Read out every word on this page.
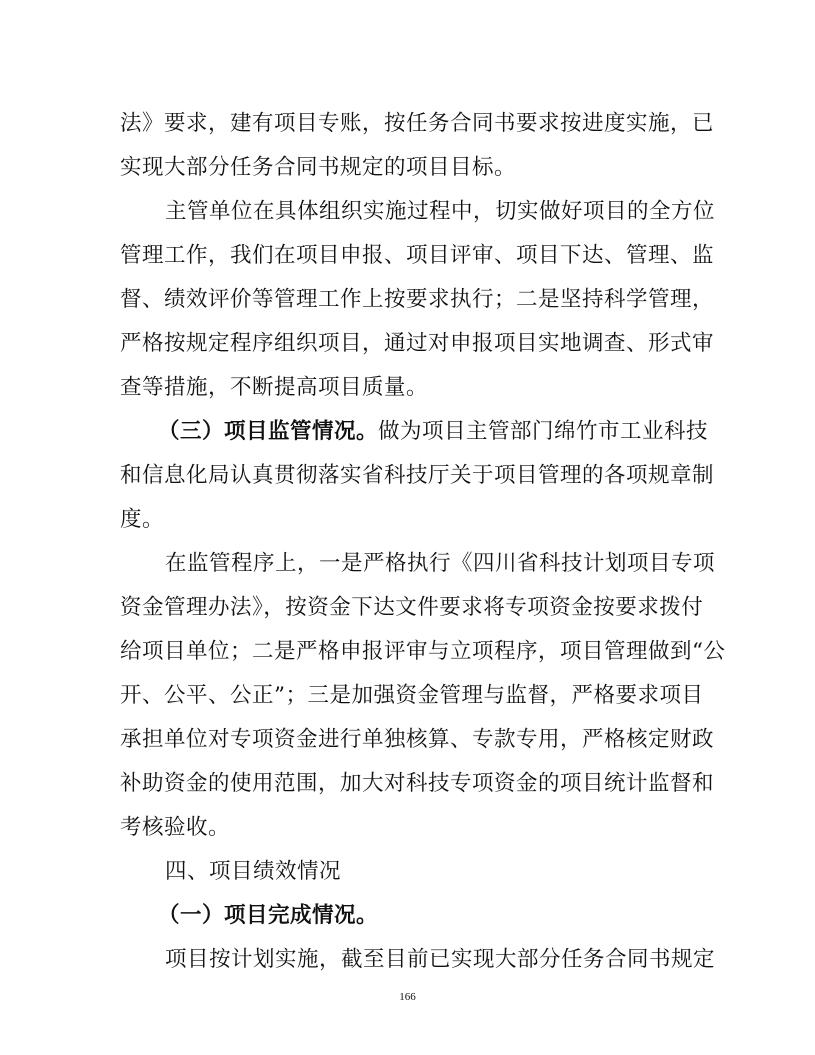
法》要求，建有项目专账，按任务合同书要求按进度实施，已
实现大部分任务合同书规定的项目目标。
主管单位在具体组织实施过程中，切实做好项目的全方位
管理工作，我们在项目申报、项目评审、项目下达、管理、监
督、绩效评价等管理工作上按要求执行；二是坚持科学管理，
严格按规定程序组织项目，通过对申报项目实地调查、形式审
查等措施，不断提高项目质量。
（三）项目监管情况。做为项目主管部门绵竹市工业科技
和信息化局认真贯彻落实省科技厅关于项目管理的各项规章制
度。
在监管程序上，一是严格执行《四川省科技计划项目专项
资金管理办法》，按资金下达文件要求将专项资金按要求拨付
给项目单位；二是严格申报评审与立项程序，项目管理做到“公
开、公平、公正”；三是加强资金管理与监督，严格要求项目
承担单位对专项资金进行单独核算、专款专用，严格核定财政
补助资金的使用范围，加大对科技专项资金的项目统计监督和
考核验收。
四、项目绩效情况
（一）项目完成情况。
项目按计划实施，截至目前已实现大部分任务合同书规定
166
